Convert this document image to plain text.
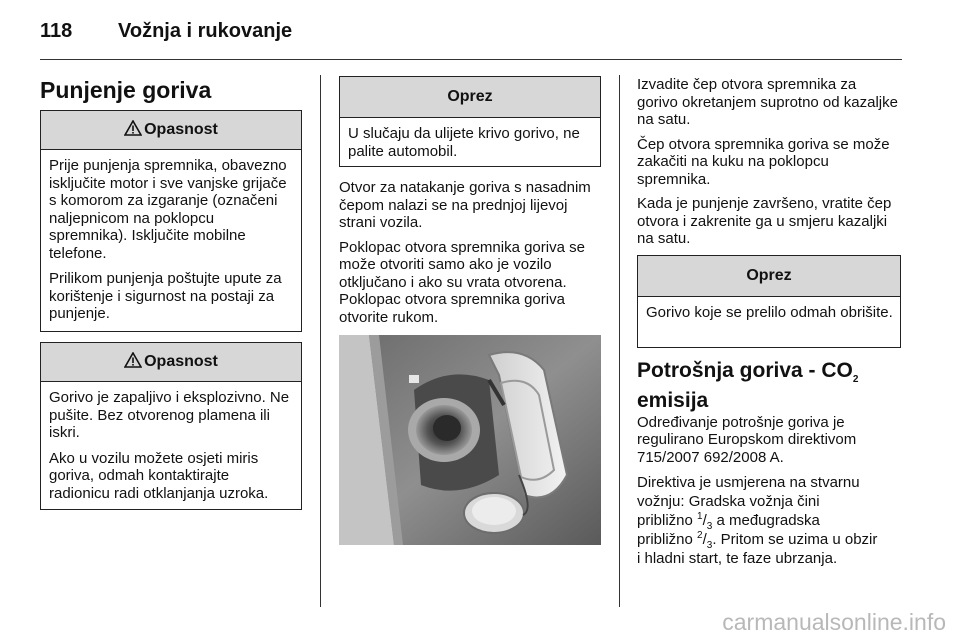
118 Vožnja i rukovanje
Punjenje goriva
Opasnost

Prije punjenja spremnika, obavezno isključite motor i sve vanjske grijače s komorom za izgaranje (označeni naljepnicom na poklopcu spremnika). Isključite mobilne telefone.

Prilikom punjenja poštujte upute za korištenje i sigurnost na postaji za punjenje.

Opasnost

Gorivo je zapaljivo i eksplozivno. Ne pušite. Bez otvorenog plamena ili iskri.

Ako u vozilu možete osjeti miris goriva, odmah kontaktirajte radionicu radi otklanjanja uzroka.

Oprez

U slučaju da ulijete krivo gorivo, ne palite automobil.

Otvor za natakanje goriva s nasadnim čepom nalazi se na prednjoj lijevoj strani vozila.

Poklopac otvora spremnika goriva se može otvoriti samo ako je vozilo otključano i ako su vrata otvorena. Poklopac otvora spremnika goriva otvorite rukom.

Izvadite čep otvora spremnika za gorivo okretanjem suprotno od kazaljke na satu.

Čep otvora spremnika goriva se može zakačiti na kuku na poklopcu spremnika.

Kada je punjenje završeno, vratite čep otvora i zakrenite ga u smjeru kazaljki na satu.

Oprez

Gorivo koje se prelilo odmah obrišite.

Potrošnja goriva - $CO_2$
emisija

Određivanje potrošnje goriva je regulirano Europskom direktivom 715/2007 692/2008 A.

Direktiva je usmjerena na stvarnu
vožnju: Gradska vožnja čini
približno $^1/_3$ a međugradska
približno $^2/_3$. Pritom se uzima u obzir
i hladni start, te faze ubrzanja.

carmanualsonline.info
